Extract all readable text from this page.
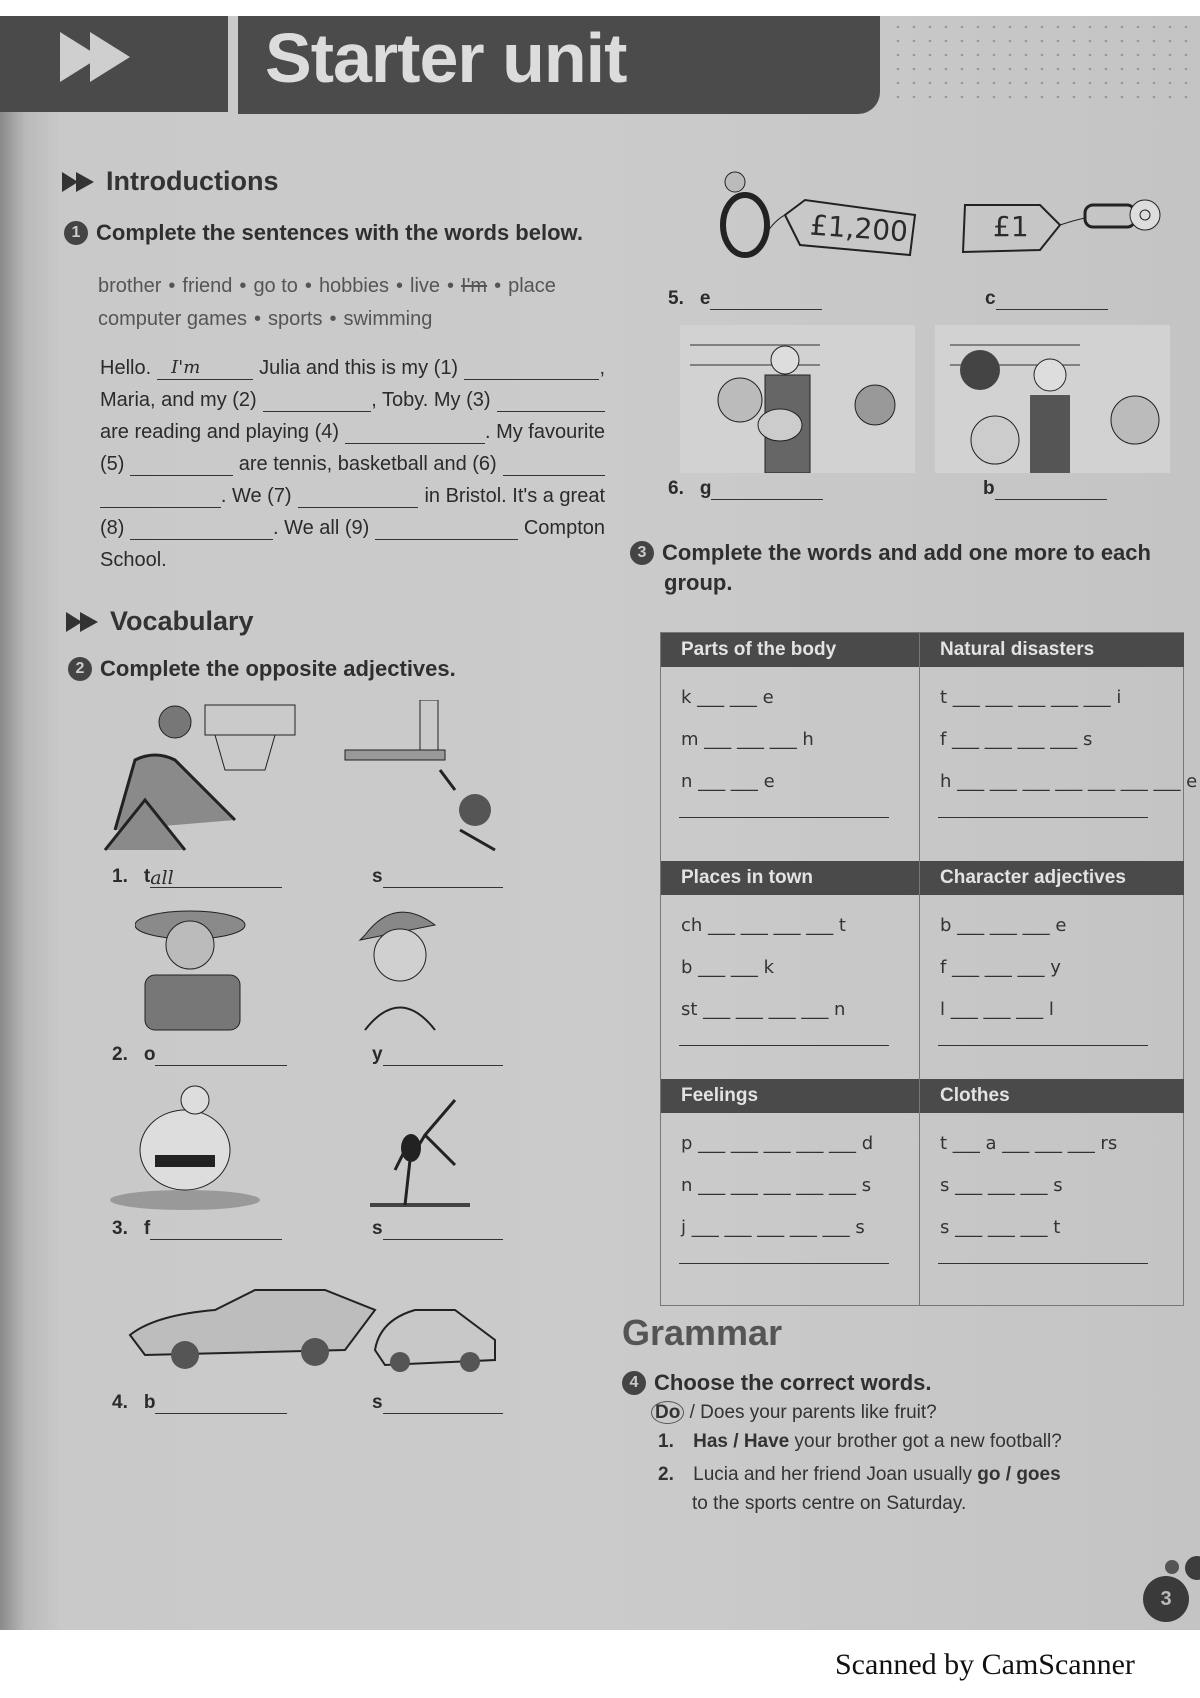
Starter unit
Introductions
1 Complete the sentences with the words below.
brother • friend • go to • hobbies • live • I'm • place
computer games • sports • swimming
Hello.	I'm	Julia and this is my (1)	,
Maria, and my (2)	, Toby. My (3)
are reading and playing (4)	. My favourite
(5)	are tennis, basketball and (6)
. We (7)	in Bristol. It's a great
(8)	. We all (9)	Compton
School.
Vocabulary
2 Complete the opposite adjectives.
£1,200	£1
3 Complete the words and add one more to each
group.
Parts of the body
k ___ ___ e
m ___ ___ ___ h
n ___ ___ e
Natural disasters
t ___ ___ ___ ___ ___ i
f ___ ___ ___ ___ s
h ___ ___ ___ ___ ___ ___ ___ e
Places in town
ch ___ ___ ___ ___ t
b ___ ___ k
st ___ ___ ___ ___ n
Character adjectives
b ___ ___ ___ e
f ___ ___ ___ y
l ___ ___ ___ l
Feelings
p ___ ___ ___ ___ ___ d
n ___ ___ ___ ___ ___ s
j ___ ___ ___ ___ ___ s
Clothes
t ___ a ___ ___ ___ rs
s ___ ___ ___ s
s ___ ___ ___ t
Grammar
4 Choose the correct words.
Do / Does your parents like fruit?
1. Has / Have your brother got a new football?
2. Lucia and her friend Joan usually go / goes
to the sports centre on Saturday.
3
Scanned by CamScanner
1. t all	s
2. o	y
3. f	s
4. b	s
5. e	c
6. g	b
